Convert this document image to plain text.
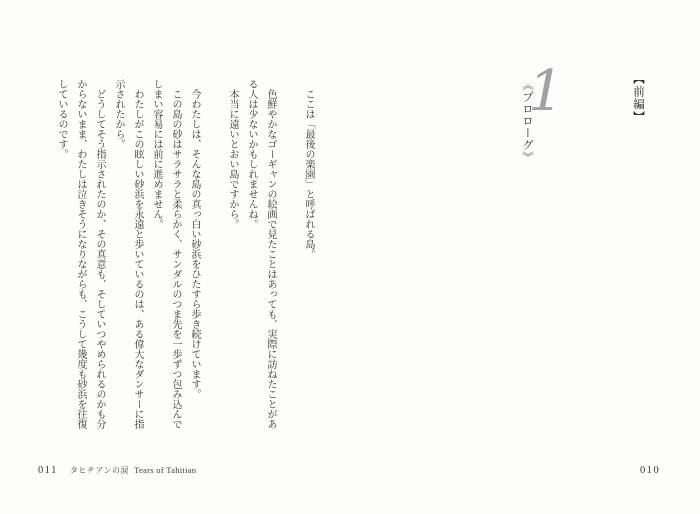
【前編】
1
《プロローグ》
010

ここは「最後の楽園」と呼ばれる島。

色鮮やかなゴーギャンの絵画で見たことはあっても、実際に訪ねたことがある人は少ないかもしれませんね。

本当に遠いとおい島ですから。

今わたしは、そんな島の真っ白い砂浜をひたすら歩き続けています。

この島の砂はサラサラと柔らかく、サンダルのつま先を一歩ずつ包み込んでしまい容易には前に進めません。

わたしがこの眩しい砂浜を永遠と歩いているのは、ある偉大なダンサーに指示されたから。

どうしてそう指示されたのか、その真意も、そしていつやめられるのかも分からないまま、わたしは泣きそうになりながらも、こうして幾度も砂浜を往復しているのです。

011 タヒチアンの涙 Tears of Tahitian
